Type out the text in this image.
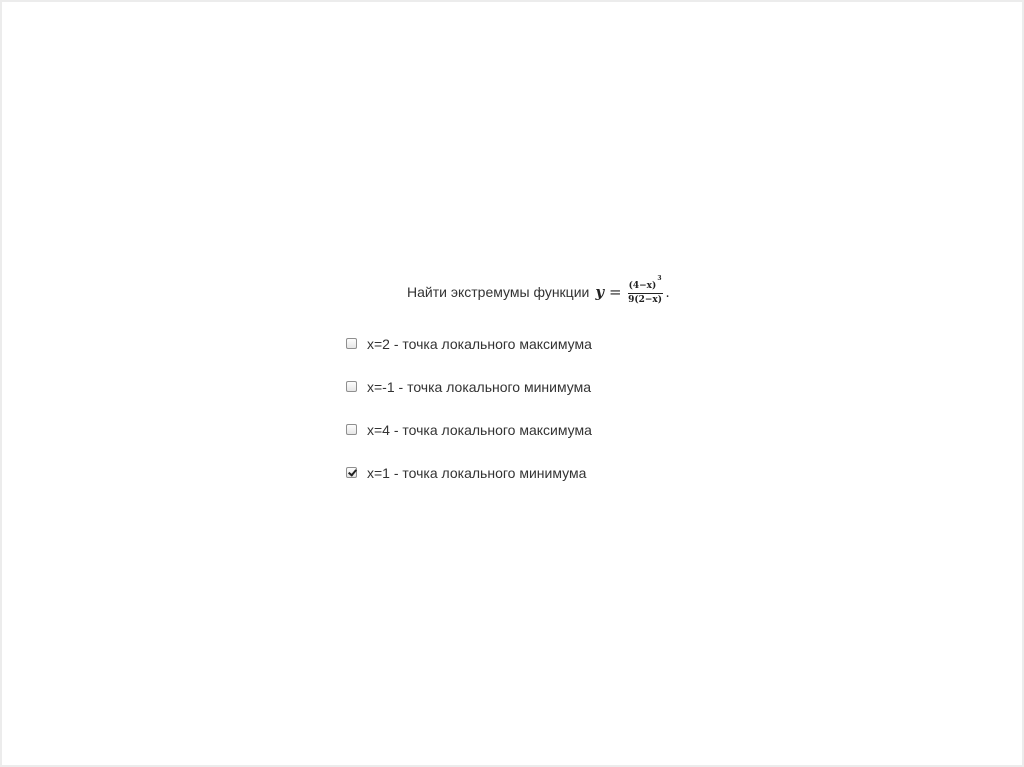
Найти экстремумы функции $y = \frac{(4-x)^3}{9(2-x)}$ .
x=2 - точка локального максимума
x=-1 - точка локального минимума
x=4 - точка локального максимума
x=1 - точка локального минимума
